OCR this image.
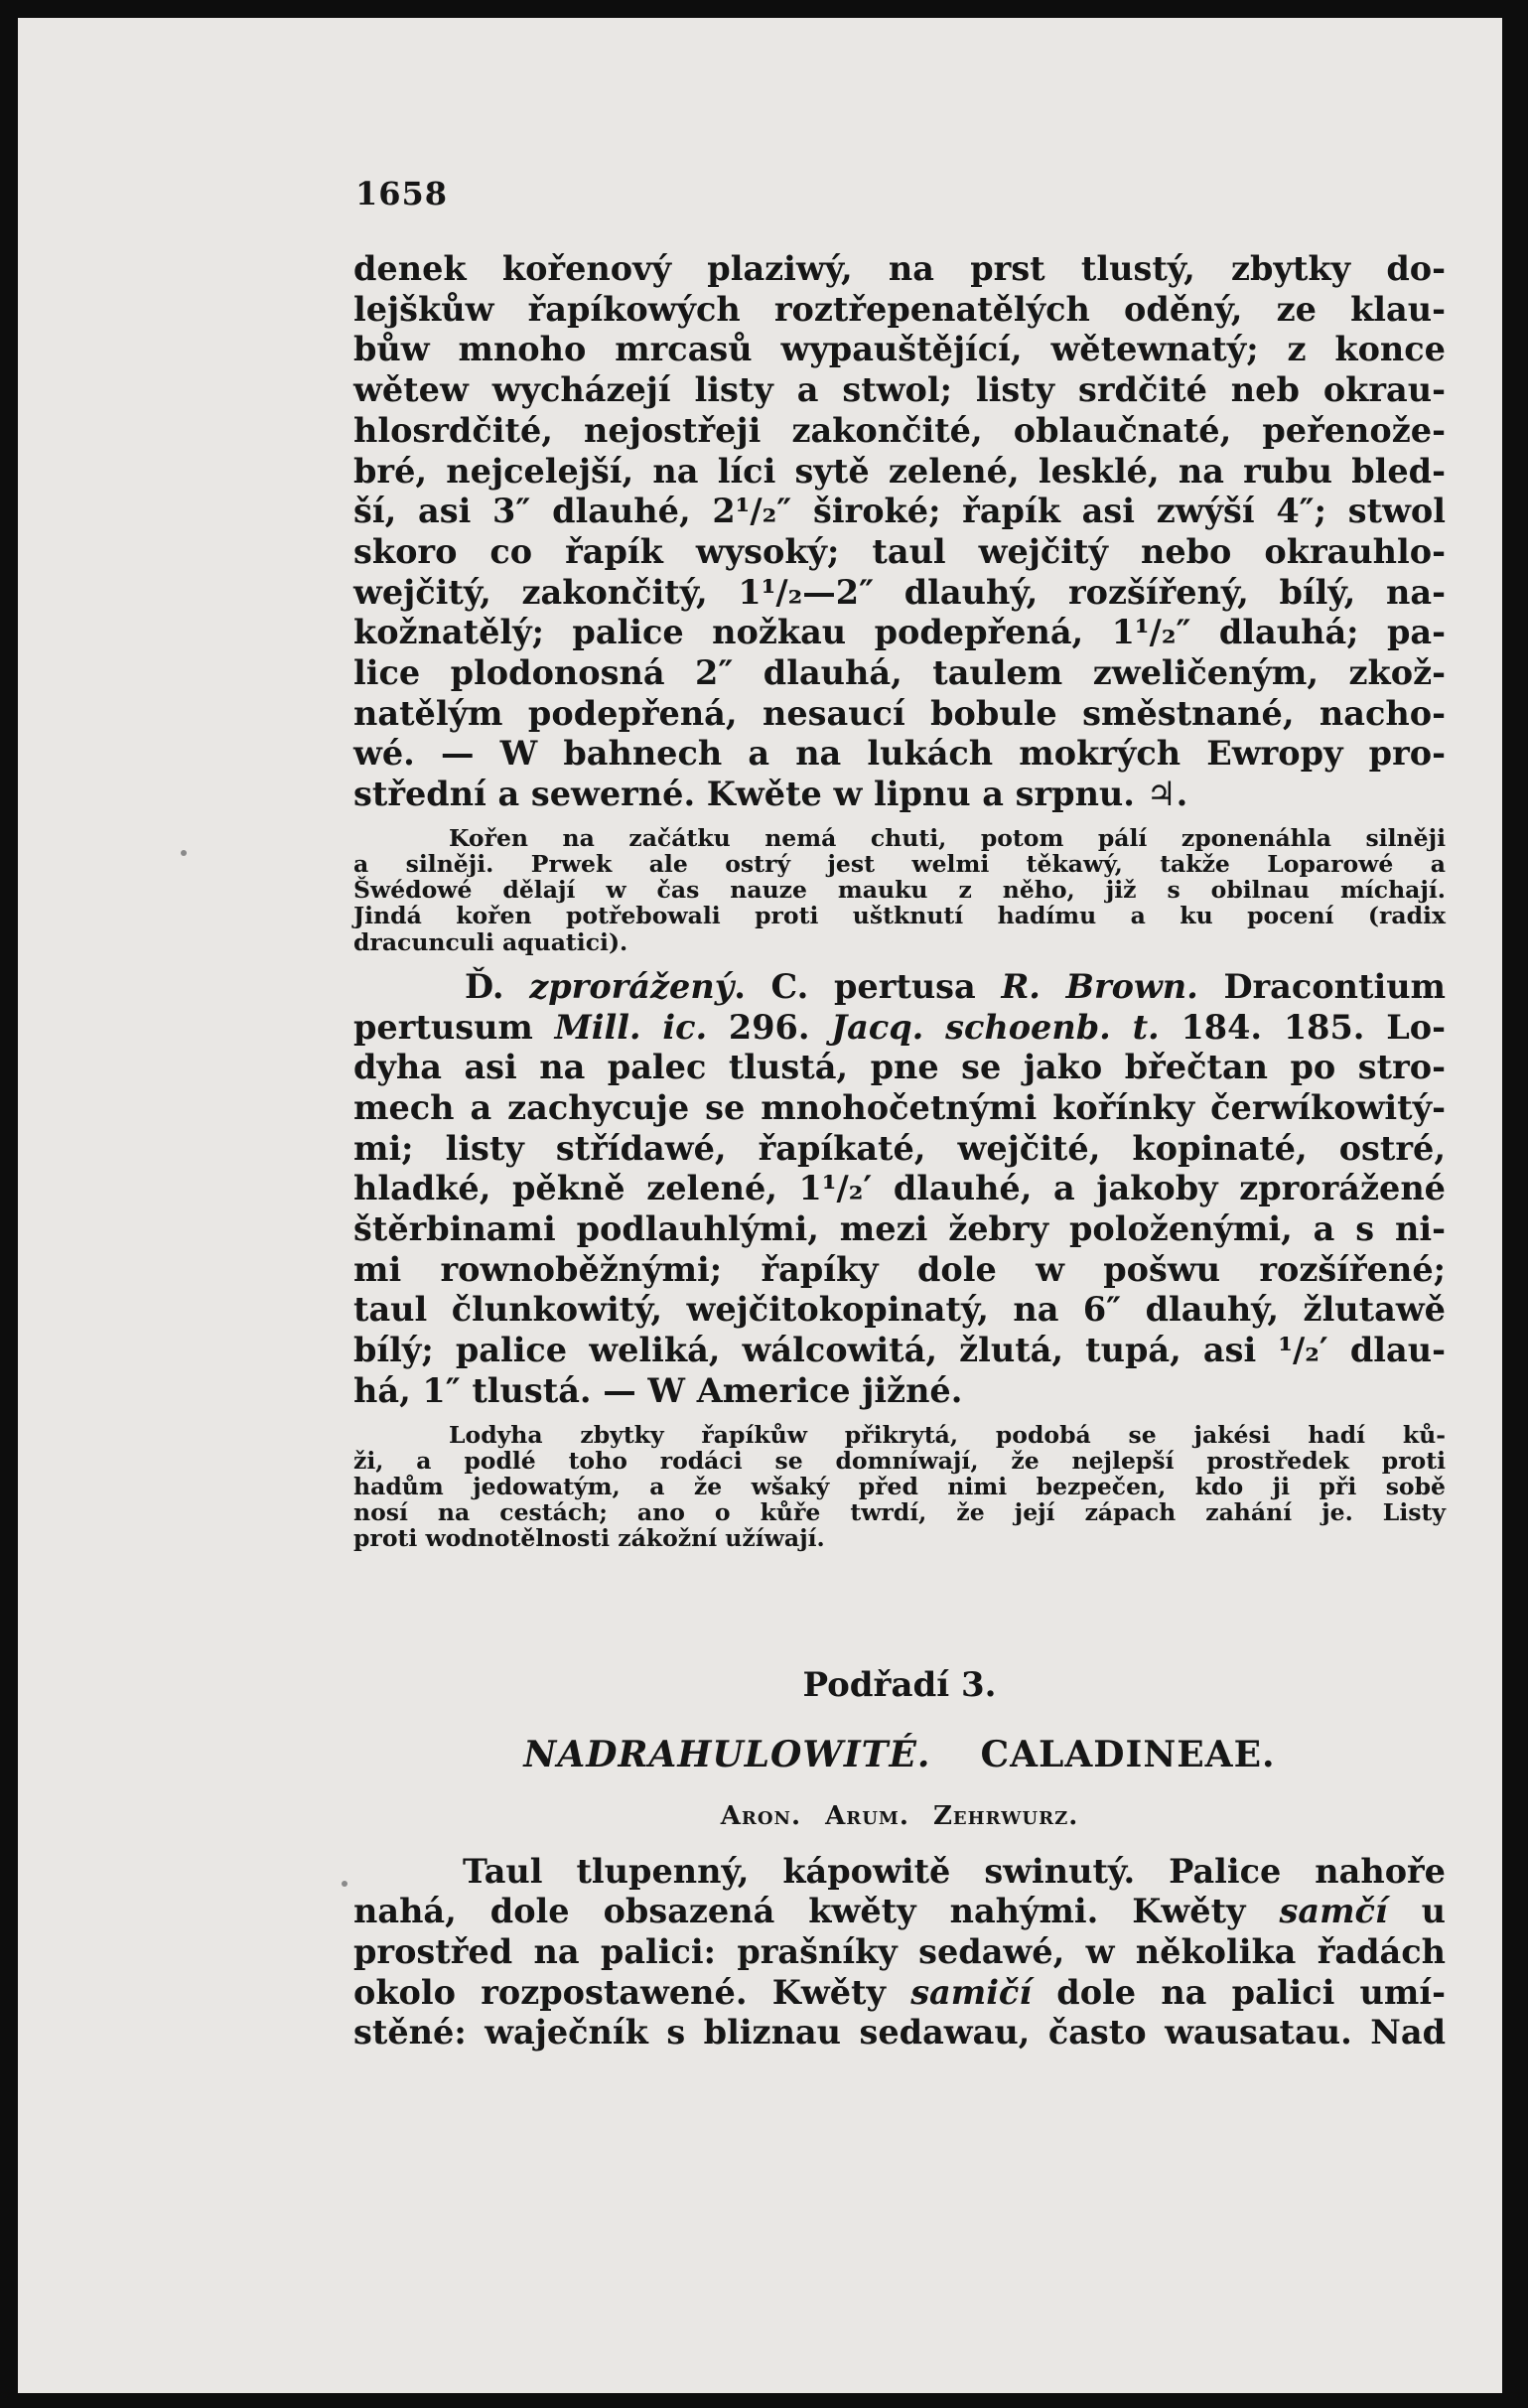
1658
denek kořenový plaziwý, na prst tlustý, zbytky do-
lejškůw řapíkowých roztřepenatělých oděný, ze klau-
bůw mnoho mrcasů wypauštějící, wětewnatý; z konce
wětew wycházejí listy a stwol; listy srdčité neb okrau-
hlosrdčité, nejostřeji zakončité, oblaučnaté, peřenože-
bré, nejcelejší, na líci sytě zelené, lesklé, na rubu bled-
ší, asi 3″ dlauhé, 2¹/₂″ široké; řapík asi zwýší 4″; stwol
skoro co řapík wysoký; taul wejčitý nebo okrauhlo-
wejčitý, zakončitý, 1¹/₂—2″ dlauhý, rozšířený, bílý, na-
kožnatělý; palice nožkau podepřená, 1¹/₂″ dlauhá; pa-
lice plodonosná 2″ dlauhá, taulem zweličeným, zkož-
natělým podepřená, nesaucí bobule směstnané, nacho-
wé. — W bahnech a na lukách mokrých Ewropy pro-
střední a sewerné. Kwěte w lipnu a srpnu. ♃.
Kořen na začátku nemá chuti, potom pálí zponenáhla silněji
a silněji. Prwek ale ostrý jest welmi těkawý, takže Loparowé a
Šwédowé dělají w čas nauze mauku z něho, již s obilnau míchají.
Jindá kořen potřebowali proti uštknutí hadímu a ku pocení (radix
dracunculi aquatici).
Ď. zprorážený. C. pertusa R. Brown. Dracontium
pertusum Mill. ic. 296. Jacq. schoenb. t. 184. 185. Lo-
dyha asi na palec tlustá, pne se jako břečtan po stro-
mech a zachycuje se mnohočetnými kořínky čerwíkowitý-
mi; listy střídawé, řapíkaté, wejčité, kopinaté, ostré,
hladké, pěkně zelené, 1¹/₂′ dlauhé, a jakoby zprorážené
štěrbinami podlauhlými, mezi žebry položenými, a s ni-
mi rownoběžnými; řapíky dole w pošwu rozšířené;
taul člunkowitý, wejčitokopinatý, na 6″ dlauhý, žlutawě
bílý; palice weliká, wálcowitá, žlutá, tupá, asi ¹/₂′ dlau-
há, 1″ tlustá. — W Americe jižné.
Lodyha zbytky řapíkůw přikrytá, podobá se jakési hadí ků-
ži, a podlé toho rodáci se domníwají, že nejlepší prostředek proti
hadům jedowatým, a že wšaký před nimi bezpečen, kdo ji při sobě
nosí na cestách; ano o kůře twrdí, že její zápach zahání je. Listy
proti wodnotělnosti zákožní užíwají.
Podřadí 3.
NADRAHULOWITÉ. CALADINEAE.
Aron. Arum. Zehrwurz.
Taul tlupenný, kápowitě swinutý. Palice nahoře
nahá, dole obsazená kwěty nahými. Kwěty samčí u
prostřed na palici: prašníky sedawé, w několika řadách
okolo rozpostawené. Kwěty samičí dole na palici umí-
stěné: waječník s bliznau sedawau, často wausatau. Nad
